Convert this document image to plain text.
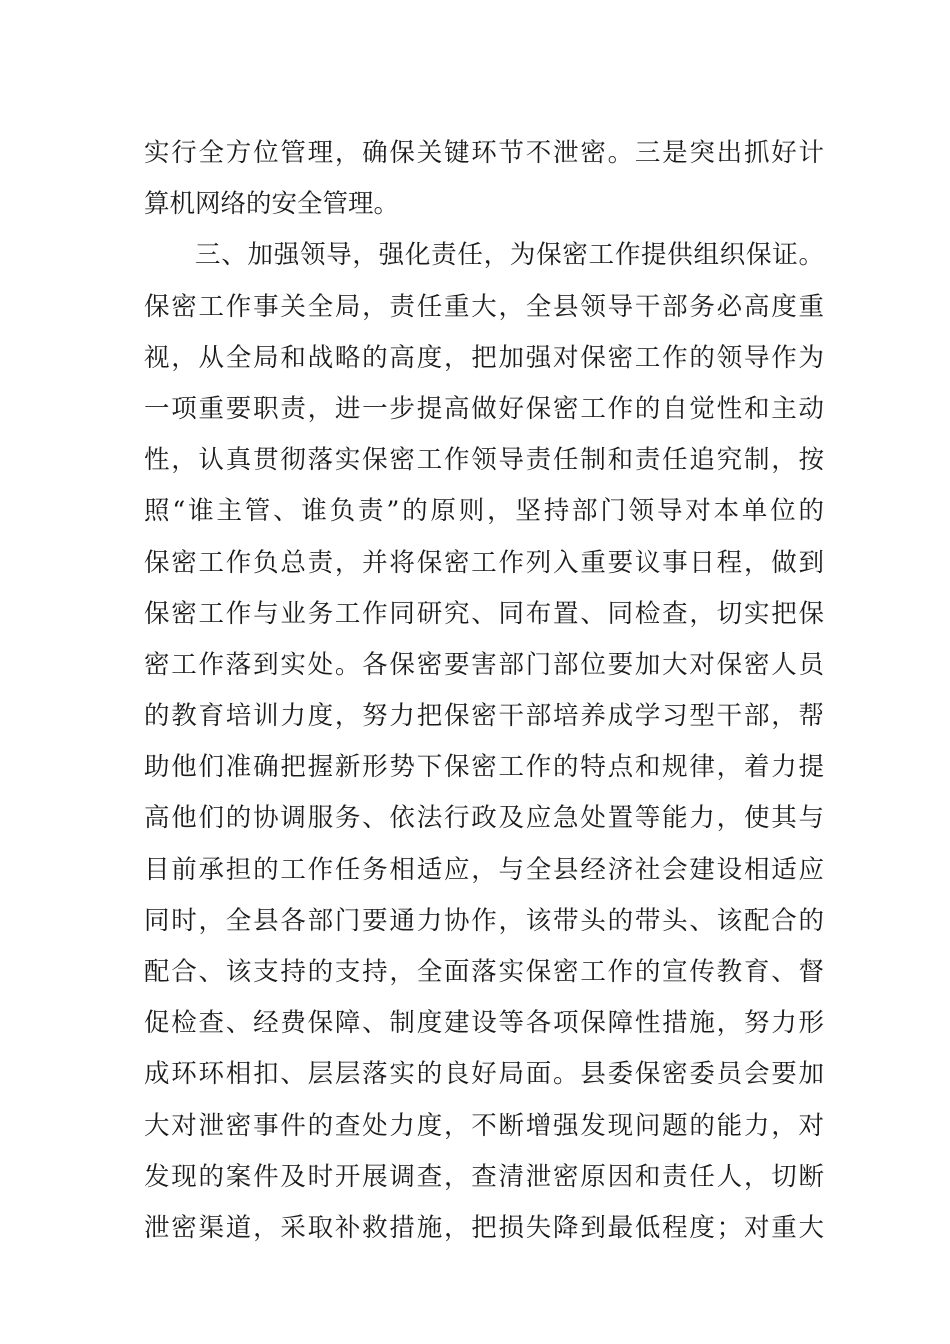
实行全方位管理，确保关键环节不泄密。三是突出抓好计
算机网络的安全管理。
三、加强领导，强化责任，为保密工作提供组织保证。
保密工作事关全局，责任重大，全县领导干部务必高度重
视，从全局和战略的高度，把加强对保密工作的领导作为
一项重要职责，进一步提高做好保密工作的自觉性和主动
性，认真贯彻落实保密工作领导责任制和责任追究制，按
照“谁主管、谁负责”的原则，坚持部门领导对本单位的
保密工作负总责，并将保密工作列入重要议事日程，做到
保密工作与业务工作同研究、同布置、同检查，切实把保
密工作落到实处。各保密要害部门部位要加大对保密人员
的教育培训力度，努力把保密干部培养成学习型干部，帮
助他们准确把握新形势下保密工作的特点和规律，着力提
高他们的协调服务、依法行政及应急处置等能力，使其与
目前承担的工作任务相适应，与全县经济社会建设相适应
同时，全县各部门要通力协作，该带头的带头、该配合的
配合、该支持的支持，全面落实保密工作的宣传教育、督
促检查、经费保障、制度建设等各项保障性措施，努力形
成环环相扣、层层落实的良好局面。县委保密委员会要加
大对泄密事件的查处力度，不断增强发现问题的能力，对
发现的案件及时开展调查，查清泄密原因和责任人，切断
泄密渠道，采取补救措施，把损失降到最低程度；对重大
